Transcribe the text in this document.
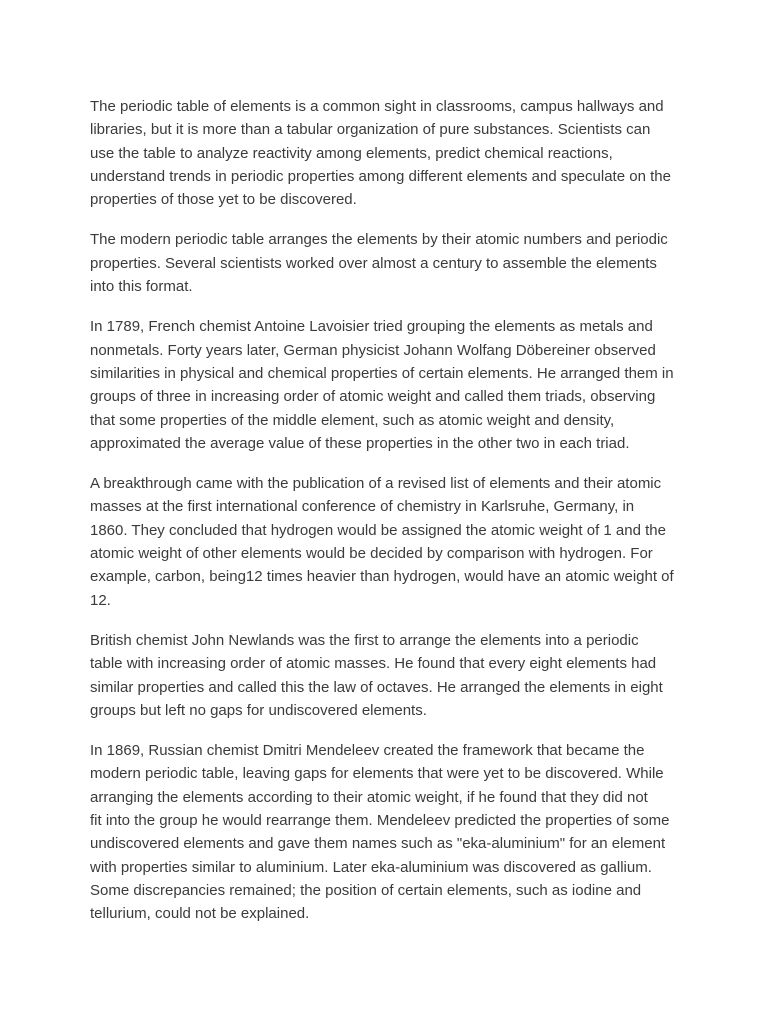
The periodic table of elements is a common sight in classrooms, campus hallways and
libraries, but it is more than a tabular organization of pure substances. Scientists can
use the table to analyze reactivity among elements, predict chemical reactions,
understand trends in periodic properties among different elements and speculate on the
properties of those yet to be discovered.

The modern periodic table arranges the elements by their atomic numbers and periodic
properties. Several scientists worked over almost a century to assemble the elements
into this format.

In 1789, French chemist Antoine Lavoisier tried grouping the elements as metals and
nonmetals. Forty years later, German physicist Johann Wolfang Döbereiner observed
similarities in physical and chemical properties of certain elements. He arranged them in
groups of three in increasing order of atomic weight and called them triads, observing
that some properties of the middle element, such as atomic weight and density,
approximated the average value of these properties in the other two in each triad.

A breakthrough came with the publication of a revised list of elements and their atomic
masses at the first international conference of chemistry in Karlsruhe, Germany, in
1860. They concluded that hydrogen would be assigned the atomic weight of 1 and the
atomic weight of other elements would be decided by comparison with hydrogen. For
example, carbon, being12 times heavier than hydrogen, would have an atomic weight of
12.

British chemist John Newlands was the first to arrange the elements into a periodic
table with increasing order of atomic masses. He found that every eight elements had
similar properties and called this the law of octaves. He arranged the elements in eight
groups but left no gaps for undiscovered elements.

In 1869, Russian chemist Dmitri Mendeleev created the framework that became the
modern periodic table, leaving gaps for elements that were yet to be discovered. While
arranging the elements according to their atomic weight, if he found that they did not
fit into the group he would rearrange them. Mendeleev predicted the properties of some
undiscovered elements and gave them names such as "eka-aluminium" for an element
with properties similar to aluminium. Later eka-aluminium was discovered as gallium.
Some discrepancies remained; the position of certain elements, such as iodine and
tellurium, could not be explained.
